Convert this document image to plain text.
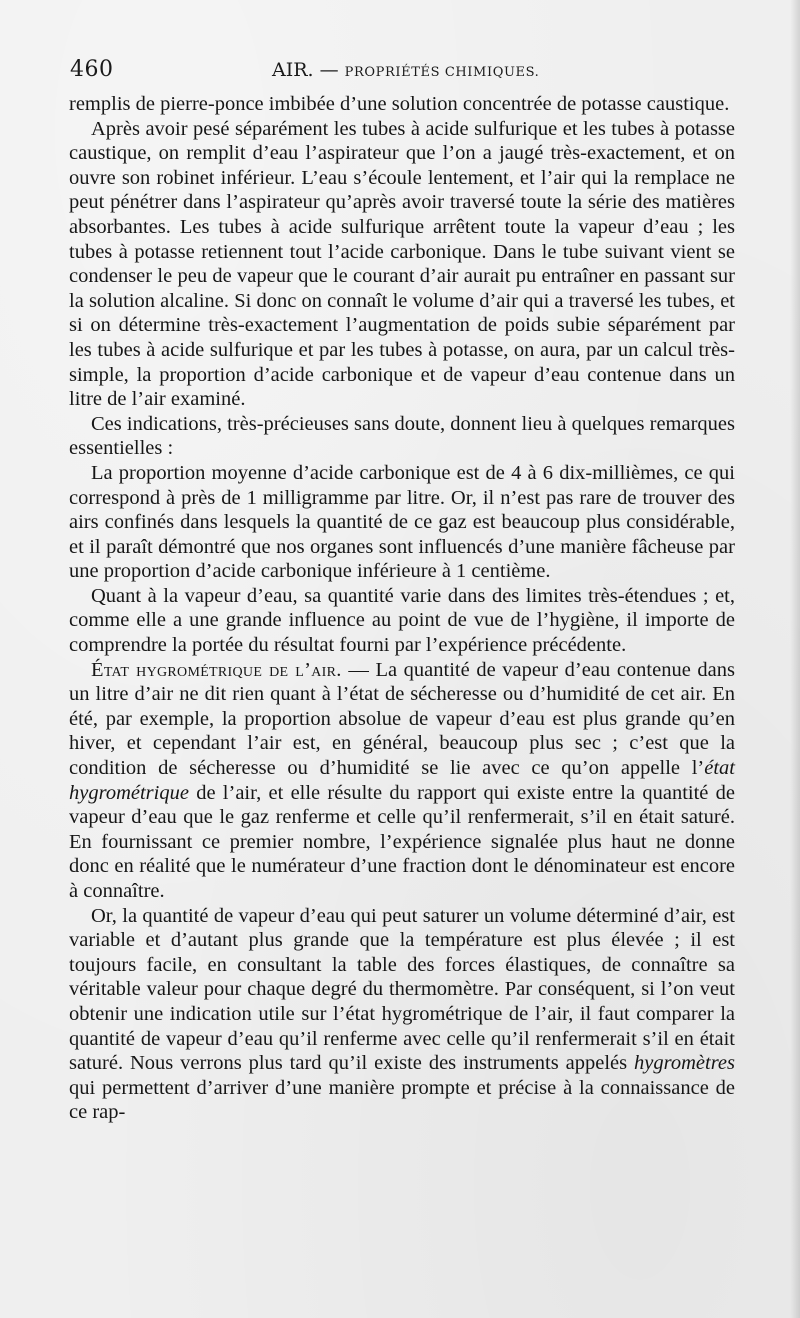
460	AIR. — PROPRIÉTÉS CHIMIQUES.

remplis de pierre-ponce imbibée d’une solution concentrée de potasse caustique.

Après avoir pesé séparément les tubes à acide sulfurique et les tubes à potasse caustique, on remplit d’eau l’aspirateur que l’on a jaugé très-exactement, et on ouvre son robinet inférieur. L’eau s’écoule lentement, et l’air qui la remplace ne peut pénétrer dans l’aspirateur qu’après avoir traversé toute la série des matières absorbantes. Les tubes à acide sulfurique arrêtent toute la vapeur d’eau ; les tubes à potasse retiennent tout l’acide carbonique. Dans le tube suivant vient se condenser le peu de vapeur que le courant d’air aurait pu entraîner en passant sur la solution alcaline. Si donc on connaît le volume d’air qui a traversé les tubes, et si on détermine très-exactement l’augmentation de poids subie séparément par les tubes à acide sulfurique et par les tubes à potasse, on aura, par un calcul très-simple, la proportion d’acide carbonique et de vapeur d’eau contenue dans un litre de l’air examiné.

Ces indications, très-précieuses sans doute, donnent lieu à quelques remarques essentielles :

La proportion moyenne d’acide carbonique est de 4 à 6 dix-millièmes, ce qui correspond à près de 1 milligramme par litre. Or, il n’est pas rare de trouver des airs confinés dans lesquels la quantité de ce gaz est beaucoup plus considérable, et il paraît démontré que nos organes sont influencés d’une manière fâcheuse par une proportion d’acide carbonique inférieure à 1 centième.

Quant à la vapeur d’eau, sa quantité varie dans des limites très-étendues ; et, comme elle a une grande influence au point de vue de l’hygiène, il importe de comprendre la portée du résultat fourni par l’expérience précédente.

État hygrométrique de l’air. — La quantité de vapeur d’eau contenue dans un litre d’air ne dit rien quant à l’état de sécheresse ou d’humidité de cet air. En été, par exemple, la proportion absolue de vapeur d’eau est plus grande qu’en hiver, et cependant l’air est, en général, beaucoup plus sec ; c’est que la condition de sécheresse ou d’humidité se lie avec ce qu’on appelle l’état hygrométrique de l’air, et elle résulte du rapport qui existe entre la quantité de vapeur d’eau que le gaz renferme et celle qu’il renfermerait, s’il en était saturé. En fournissant ce premier nombre, l’expérience signalée plus haut ne donne donc en réalité que le numérateur d’une fraction dont le dénominateur est encore à connaître.

Or, la quantité de vapeur d’eau qui peut saturer un volume déterminé d’air, est variable et d’autant plus grande que la température est plus élevée ; il est toujours facile, en consultant la table des forces élastiques, de connaître sa véritable valeur pour chaque degré du thermomètre. Par conséquent, si l’on veut obtenir une indication utile sur l’état hygrométrique de l’air, il faut comparer la quantité de vapeur d’eau qu’il renferme avec celle qu’il renfermerait s’il en était saturé. Nous verrons plus tard qu’il existe des instruments appelés hygromètres qui permettent d’arriver d’une manière prompte et précise à la connaissance de ce rap-
